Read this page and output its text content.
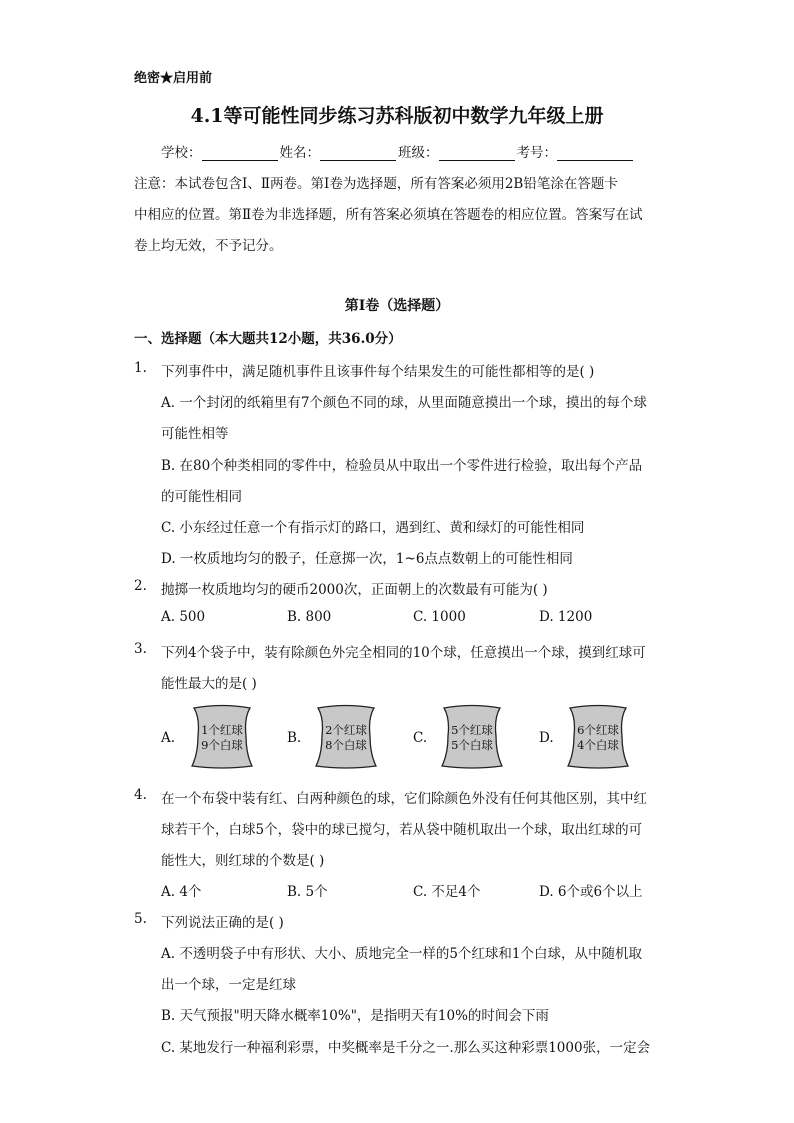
绝密★启用前
4.1等可能性同步练习苏科版初中数学九年级上册
学校：	姓名：	班级：	考号：
注意：本试卷包含Ⅰ、Ⅱ两卷。第Ⅰ卷为选择题，所有答案必须用2B铅笔涂在答题卡
中相应的位置。第Ⅱ卷为非选择题，所有答案必须填在答题卷的相应位置。答案写在试
卷上均无效，不予记分。
第Ⅰ卷（选择题）
一、选择题（本大题共12小题，共36.0分）
1. 下列事件中，满足随机事件且该事件每个结果发生的可能性都相等的是( )
A. 一个封闭的纸箱里有7个颜色不同的球，从里面随意摸出一个球，摸出的每个球
可能性相等
B. 在80个种类相同的零件中，检验员从中取出一个零件进行检验，取出每个产品
的可能性相同
C. 小东经过任意一个有指示灯的路口，遇到红、黄和绿灯的可能性相同
D. 一枚质地均匀的骰子，任意掷一次，1~6点点数朝上的可能性相同
2. 抛掷一枚质地均匀的硬币2000次，正面朝上的次数最有可能为( )
A. 500	B. 800	C. 1000	D. 1200
3. 下列4个袋子中，装有除颜色外完全相同的10个球，任意摸出一个球，摸到红球可
能性最大的是( )
A.	1个红球
9个白球	B.	2个红球
8个白球	C.	5个红球
5个白球	D.	6个红球
4个白球
4. 在一个布袋中装有红、白两种颜色的球，它们除颜色外没有任何其他区别，其中红
球若干个，白球5个，袋中的球已搅匀，若从袋中随机取出一个球，取出红球的可
能性大，则红球的个数是( )
A. 4个	B. 5个	C. 不足4个	D. 6个或6个以上
5. 下列说法正确的是( )
A. 不透明袋子中有形状、大小、质地完全一样的5个红球和1个白球，从中随机取
出一个球，一定是红球
B. 天气预报"明天降水概率10%"，是指明天有10%的时间会下雨
C. 某地发行一种福利彩票，中奖概率是千分之一.那么买这种彩票1000张，一定会
